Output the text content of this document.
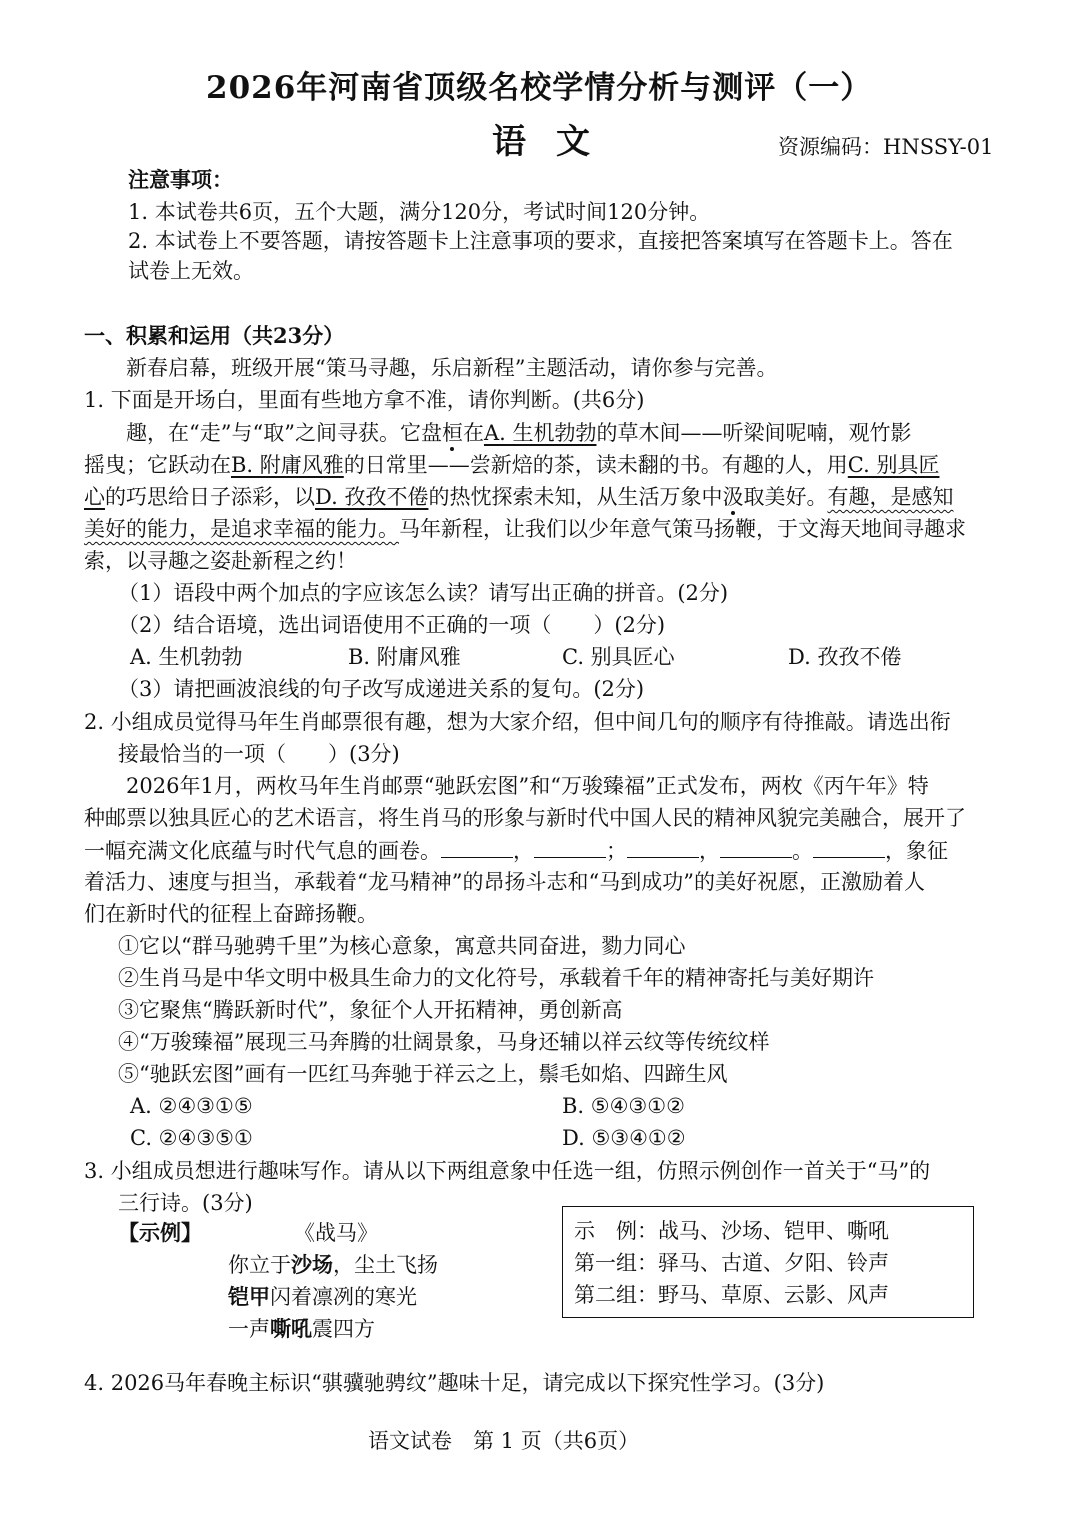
2026年河南省顶级名校学情分析与测评（一）
语文	资源编码：HNSSY-01
注意事项：
1. 本试卷共6页，五个大题，满分120分，考试时间120分钟。
2. 本试卷上不要答题，请按答题卡上注意事项的要求，直接把答案填写在答题卡上。答在
试卷上无效。
一、积累和运用（共23分）
新春启幕，班级开展“策马寻趣，乐启新程”主题活动，请你参与完善。
1. 下面是开场白，里面有些地方拿不准，请你判断。(共6分)
趣，在“走”与“取”之间寻获。它盘桓在A. 生机勃勃的草木间——听梁间呢喃，观竹影
摇曳；它跃动在B. 附庸风雅的日常里——尝新焙的茶，读未翻的书。有趣的人，用C. 别具匠
心的巧思给日子添彩，以D. 孜孜不倦的热忱探索未知，从生活万象中汲取美好。有趣，是感知
美好的能力，是追求幸福的能力。马年新程，让我们以少年意气策马扬鞭，于文海天地间寻趣求
索，以寻趣之姿赴新程之约！
（1）语段中两个加点的字应该怎么读？请写出正确的拼音。(2分)
（2）结合语境，选出词语使用不正确的一项（　　）(2分)
A. 生机勃勃	B. 附庸风雅	C. 别具匠心	D. 孜孜不倦
（3）请把画波浪线的句子改写成递进关系的复句。(2分)
2. 小组成员觉得马年生肖邮票很有趣，想为大家介绍，但中间几句的顺序有待推敲。请选出衔
接最恰当的一项（　　）(3分)
2026年1月，两枚马年生肖邮票“驰跃宏图”和“万骏臻福”正式发布，两枚《丙午年》特
种邮票以独具匠心的艺术语言，将生肖马的形象与新时代中国人民的精神风貌完美融合，展开了
一幅充满文化底蕴与时代气息的画卷。	，	；	，	。	，象征
着活力、速度与担当，承载着“龙马精神”的昂扬斗志和“马到成功”的美好祝愿，正激励着人
们在新时代的征程上奋蹄扬鞭。
①它以“群马驰骋千里”为核心意象，寓意共同奋进，勠力同心
②生肖马是中华文明中极具生命力的文化符号，承载着千年的精神寄托与美好期许
③它聚焦“腾跃新时代”，象征个人开拓精神，勇创新高
④“万骏臻福”展现三马奔腾的壮阔景象，马身还辅以祥云纹等传统纹样
⑤“驰跃宏图”画有一匹红马奔驰于祥云之上，鬃毛如焰、四蹄生风
A. ②④③①⑤	B. ⑤④③①②
C. ②④③⑤①	D. ⑤③④①②
3. 小组成员想进行趣味写作。请从以下两组意象中任选一组，仿照示例创作一首关于“马”的
三行诗。(3分)
【示例】	《战马》
你立于沙场，尘土飞扬
铠甲闪着凛冽的寒光
一声嘶吼震四方
示　例：战马、沙场、铠甲、嘶吼
第一组：驿马、古道、夕阳、铃声
第二组：野马、草原、云影、风声
4. 2026马年春晚主标识“骐骥驰骋纹”趣味十足，请完成以下探究性学习。(3分)
语文试卷　第 1 页（共6页）
